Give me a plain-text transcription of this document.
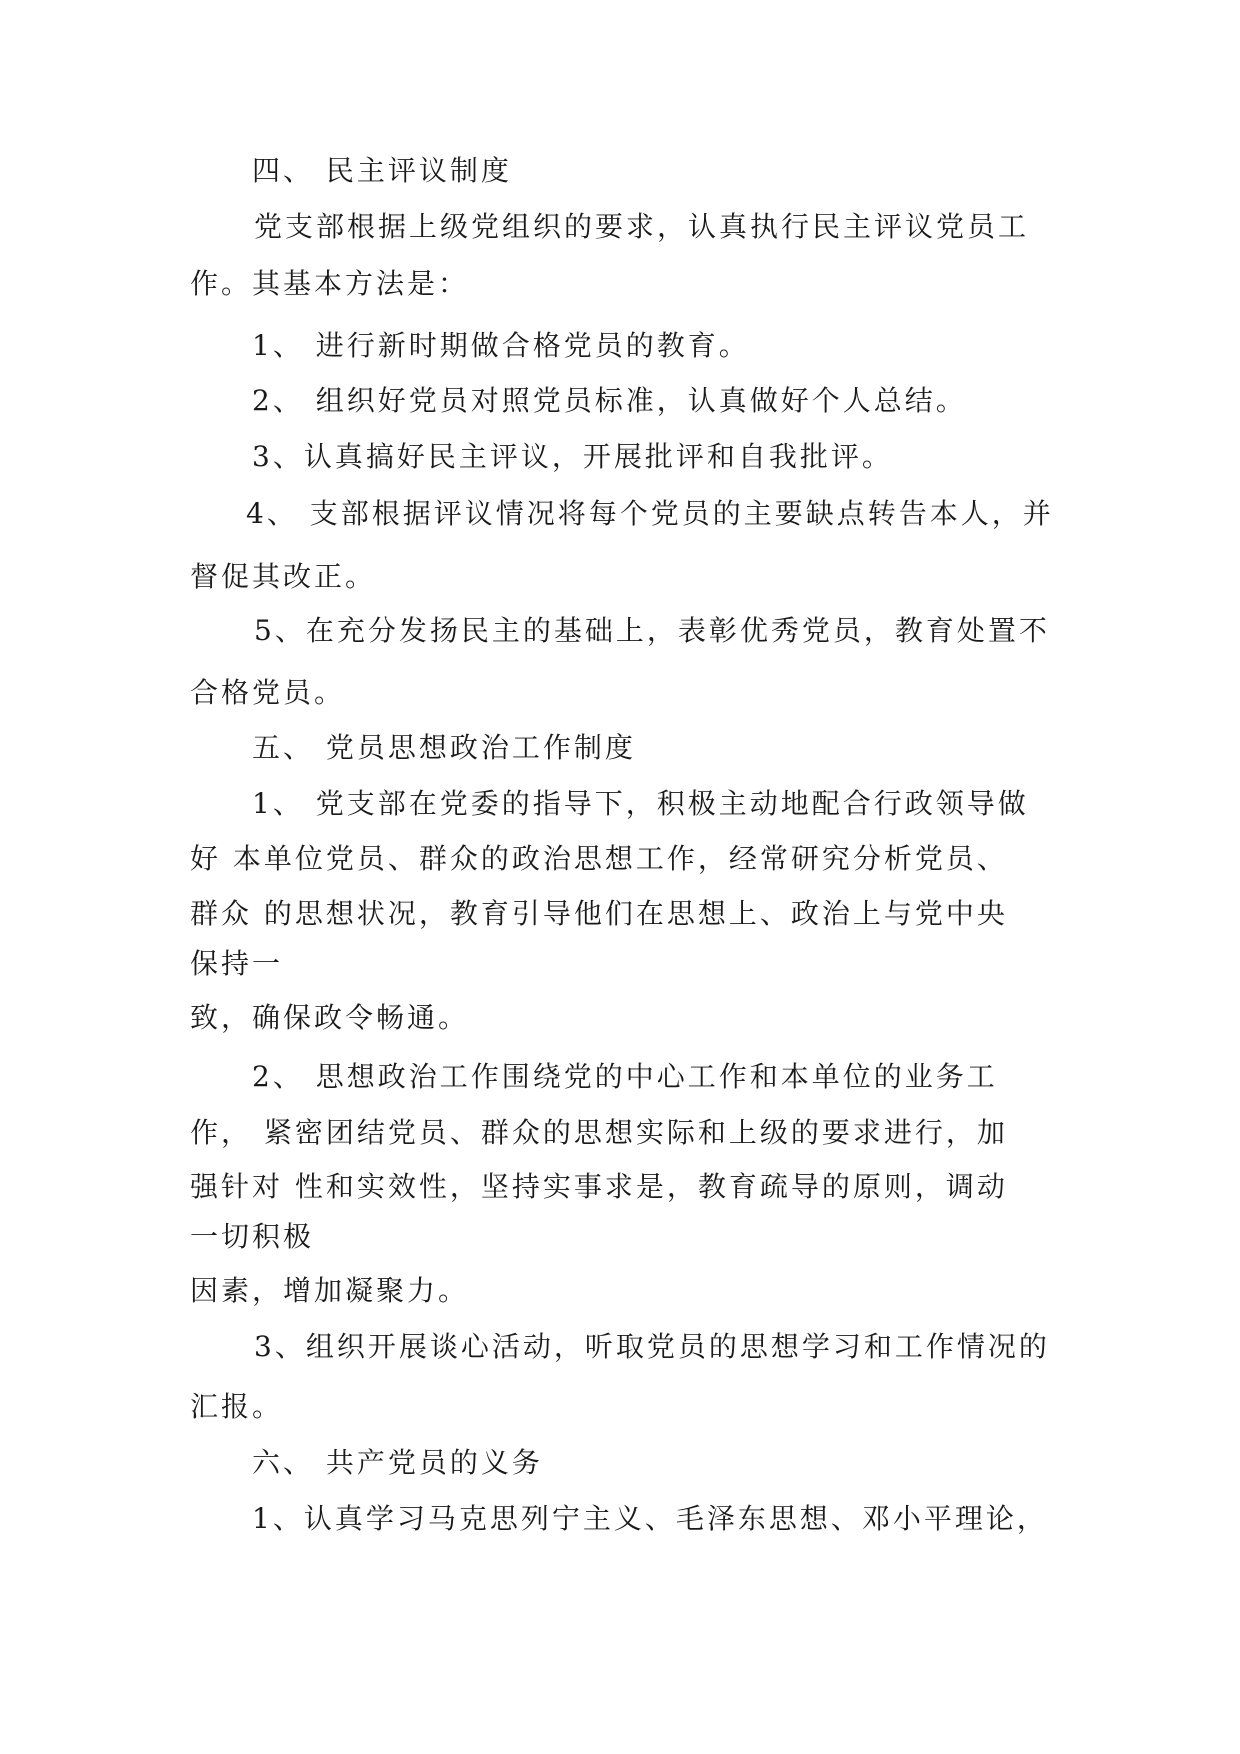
四、 民主评议制度
党支部根据上级党组织的要求，认真执行民主评议党员工
作。其基本方法是：
1、 进行新时期做合格党员的教育。
2、 组织好党员对照党员标准，认真做好个人总结。
3、认真搞好民主评议，开展批评和自我批评。
4、 支部根据评议情况将每个党员的主要缺点转告本人，并
督促其改正。
5、在充分发扬民主的基础上，表彰优秀党员，教育处置不
合格党员。
五、 党员思想政治工作制度
1、 党支部在党委的指导下，积极主动地配合行政领导做
好 本单位党员、群众的政治思想工作，经常研究分析党员、
群众 的思想状况，教育引导他们在思想上、政治上与党中央
保持一
致，确保政令畅通。
2、 思想政治工作围绕党的中心工作和本单位的业务工
作， 紧密团结党员、群众的思想实际和上级的要求进行，加
强针对 性和实效性，坚持实事求是，教育疏导的原则，调动
一切积极
因素，增加凝聚力。
3、组织开展谈心活动，听取党员的思想学习和工作情况的
汇报。
六、 共产党员的义务
1、认真学习马克思列宁主义、毛泽东思想、邓小平理论，
